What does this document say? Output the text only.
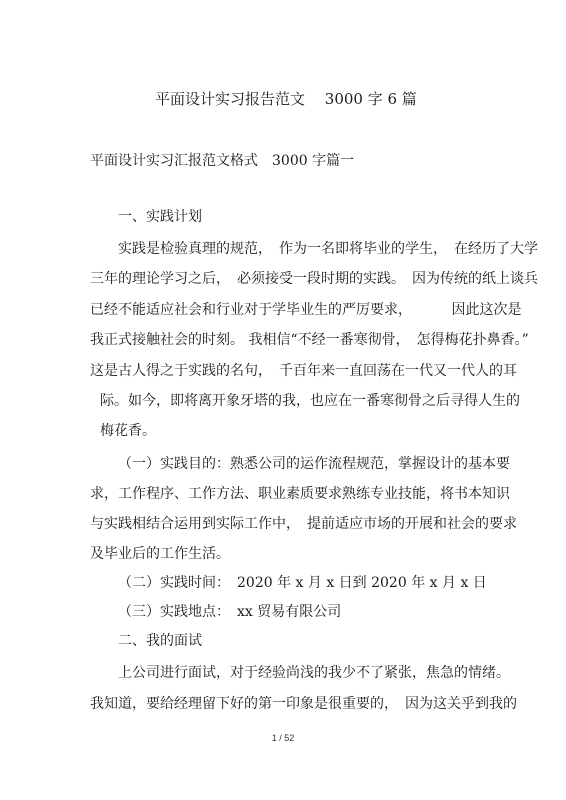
平面设计实习报告范文　 3000 字 6 篇
平面设计实习汇报范文格式　3000 字篇一
一、实践计划
实践是检验真理的规范，　作为一名即将毕业的学生，　在经历了大学
三年的理论学习之后，　必须接受一段时期的实践。　因为传统的纸上谈兵
已经不能适应社会和行业对于学毕业生的严厉要求，　　　 因此这次是
我正式接触社会的时刻。 我相信“不经一番寒彻骨，　怎得梅花扑鼻香。”
这是古人得之于实践的名句，　千百年来一直回荡在一代又一代人的耳
际。如今，即将离开象牙塔的我，也应在一番寒彻骨之后寻得人生的
梅花香。
（一）实践目的：熟悉公司的运作流程规范，掌握设计的基本要
求，工作程序、工作方法、职业素质要求熟练专业技能，将书本知识
与实践相结合运用到实际工作中，　提前适应市场的开展和社会的要求
及毕业后的工作生活。
（二）实践时间：　2020 年 x 月 x 日到 2020 年 x 月 x 日
（三）实践地点：　xx 贸易有限公司
二、我的面试
上公司进行面试，对于经验尚浅的我少不了紧张，焦急的情绪。
我知道，要给经理留下好的第一印象是很重要的，　因为这关乎到我的
1 / 52
